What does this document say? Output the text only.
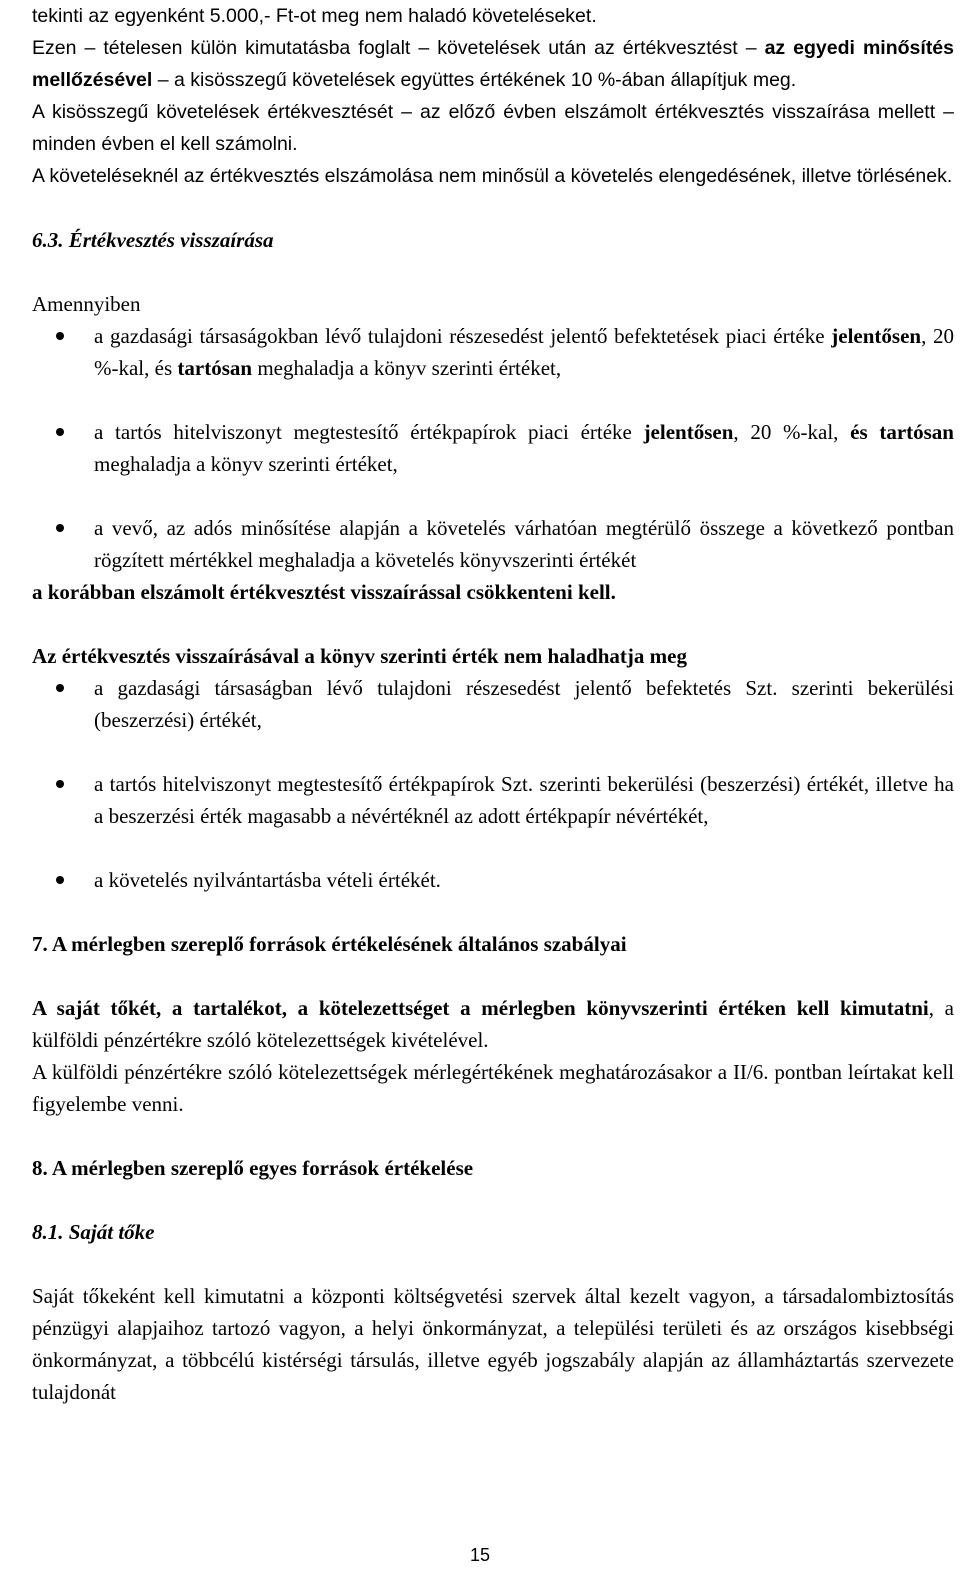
tekinti az egyenként 5.000,- Ft-ot meg nem haladó követeléseket.

Ezen – tételesen külön kimutatásba foglalt – követelések után az értékvesztést – az egyedi minősítés mellőzésével – a kisösszegű követelések együttes értékének 10 %-ában állapítjuk meg.

A kisösszegű követelések értékvesztését – az előző évben elszámolt értékvesztés visszaírása mellett – minden évben el kell számolni.

A követeléseknél az értékvesztés elszámolása nem minősül a követelés elengedésének, illetve törlésének.

6.3. Értékvesztés visszaírása

Amennyiben

a gazdasági társaságokban lévő tulajdoni részesedést jelentő befektetések piaci értéke jelentősen, 20 %-kal, és tartósan meghaladja a könyv szerinti értéket,
a tartós hitelviszonyt megtestesítő értékpapírok piaci értéke jelentősen, 20 %-kal, és tartósan meghaladja a könyv szerinti értéket,
a vevő, az adós minősítése alapján a követelés várhatóan megtérülő összege a következő pontban rögzített mértékkel meghaladja a követelés könyvszerinti értékét

a korábban elszámolt értékvesztést visszaírással csökkenteni kell.

Az értékvesztés visszaírásával a könyv szerinti érték nem haladhatja meg

a gazdasági társaságban lévő tulajdoni részesedést jelentő befektetés Szt. szerinti bekerülési (beszerzési) értékét,
a tartós hitelviszonyt megtestesítő értékpapírok Szt. szerinti bekerülési (beszerzési) értékét, illetve ha a beszerzési érték magasabb a névértéknél az adott értékpapír névértékét,
a követelés nyilvántartásba vételi értékét.

7. A mérlegben szereplő források értékelésének általános szabályai

A saját tőkét, a tartalékot, a kötelezettséget a mérlegben könyvszerinti értéken kell kimutatni, a külföldi pénzértékre szóló kötelezettségek kivételével.

A külföldi pénzértékre szóló kötelezettségek mérlegértékének meghatározásakor a II/6. pontban leírtakat kell figyelembe venni.

8. A mérlegben szereplő egyes források értékelése

8.1. Saját tőke

Saját tőkeként kell kimutatni a központi költségvetési szervek által kezelt vagyon, a társadalombiztosítás pénzügyi alapjaihoz tartozó vagyon, a helyi önkormányzat, a települési területi és az országos kisebbségi önkormányzat, a többcélú kistérségi társulás, illetve egyéb jogszabály alapján az államháztartás szervezete tulajdonát

15
